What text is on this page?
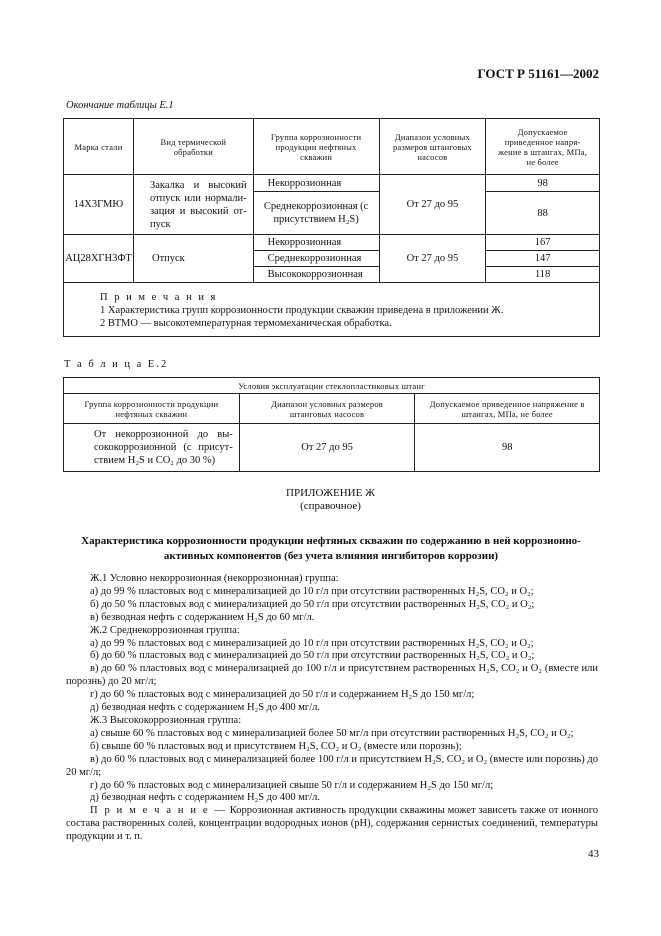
ГОСТ Р 51161—2002
Окончание таблицы Е.1
Марка стали	Вид термической обработки	Группа коррозионности продукции нефтяных скважин	Диапазон условных размеров штанговых насосов	Допускаемое приведенное напря-жение в штангах, МПа, не более
14Х3ГМЮ	Закалка и высокий отпуск или нормали-зация и высокий от-пуск	Некоррозионная	От 27 до 95	98
		Среднекоррозионная (с присутствием H₂S)		88
АЦ28ХГН3ФТ	Отпуск	Некоррозионная	От 27 до 95	167
		Среднекоррозионная		147
		Высококоррозионная		118

П р и м е ч а н и я
1 Характеристика групп коррозионности продукции скважин приведена в приложении Ж.
2 ВТМО — высокотемпературная термомеханическая обработка.				
Т а б л и ц а Е.2
Условия эксплуатации стеклопластиковых штанг		
Группа коррозионности продукции нефтяных скважин	Диапазон условных размеров штанговых насосов	Допускаемое приведенное напряжение в штангах, МПа, не более
От некоррозионной до вы-сококоррозионной (с присут-ствием H₂S и CO₂ до 30 %)	От 27 до 95	98
ПРИЛОЖЕНИЕ Ж
(справочное)
Характеристика коррозионности продукции нефтяных скважин по содержанию в ней коррозионно-активных компонентов (без учета влияния ингибиторов коррозии)

Ж.1 Условно некоррозионная (некоррозионная) группа:

а) до 99 % пластовых вод с минерализацией до 10 г/л при отсутствии растворенных H₂S, CO₂ и O₂;

б) до 50 % пластовых вод с минерализацией до 50 г/л при отсутствии растворенных H₂S, CO₂ и O₂;

в) безводная нефть с содержанием H₂S до 60 мг/л.

Ж.2 Среднекоррозионная группа:

а) до 99 % пластовых вод с минерализацией до 10 г/л при отсутствии растворенных H₂S, CO₂ и O₂;

б) до 60 % пластовых вод с минерализацией до 50 г/л при отсутствии растворенных H₂S, CO₂ и O₂;

в) до 60 % пластовых вод с минерализацией до 100 г/л и присутствием растворенных H₂S, CO₂ и O₂ (вместе или порознь) до 20 мг/л;

г) до 60 % пластовых вод с минерализацией до 50 г/л и содержанием H₂S до 150 мг/л;

д) безводная нефть с содержанием H₂S до 400 мг/л.

Ж.3 Высококоррозионная группа:

а) свыше 60 % пластовых вод с минерализацией более 50 мг/л при отсутствии растворенных H₂S, CO₂ и O₂;

б) свыше 60 % пластовых вод и присутствием H₂S, CO₂ и O₂ (вместе или порознь);

в) до 60 % пластовых вод с минерализацией более 100 г/л и присутствием H₂S, CO₂ и O₂ (вместе или порознь) до 20 мг/л;

г) до 60 % пластовых вод с минерализацией свыше 50 г/л и содержанием H₂S до 150 мг/л;

д) безводная нефть с содержанием H₂S до 400 мг/л.

П р и м е ч а н и е — Коррозионная активность продукции скважины может зависеть также от ионного состава растворенных солей, концентрации водородных ионов (pH), содержания сернистых соединений, температуры продукции и т. п.

43
